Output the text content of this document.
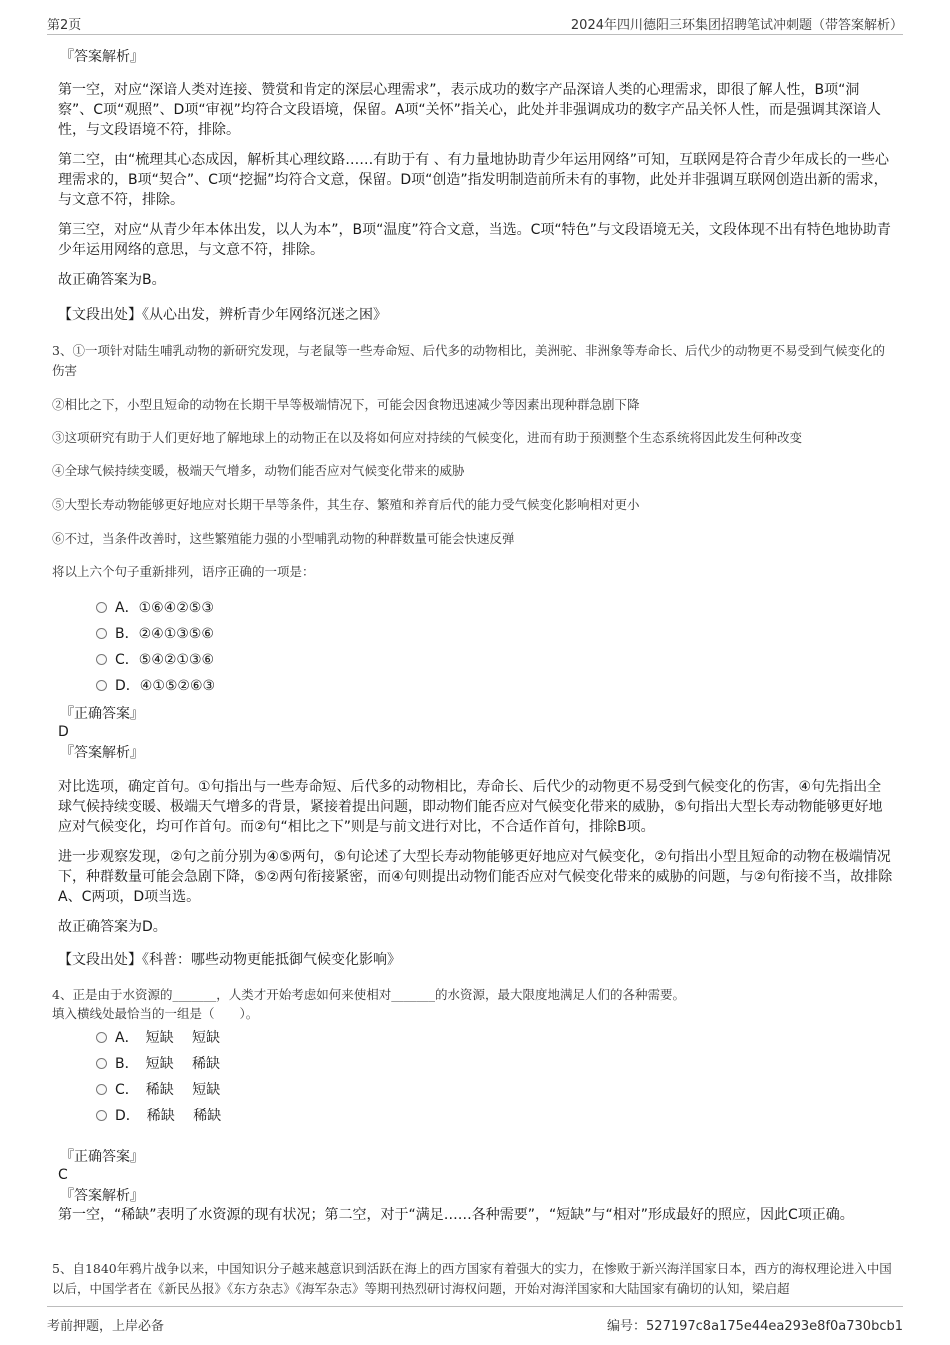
第2页	2024年四川德阳三环集团招聘笔试冲刺题（带答案解析）
『答案解析』
第一空，对应“深谙人类对连接、赞赏和肯定的深层心理需求”，表示成功的数字产品深谙人类的心理需求，即很了解人性，B项“洞察”、C项“观照”、D项“审视”均符合文段语境，保留。A项“关怀”指关心，此处并非强调成功的数字产品关怀人性，而是强调其深谙人性，与文段语境不符，排除。
第二空，由“梳理其心态成因，解析其心理纹路……有助于有 、有力量地协助青少年运用网络”可知，互联网是符合青少年成长的一些心理需求的，B项“契合”、C项“挖掘”均符合文意，保留。D项“创造”指发明制造前所未有的事物，此处并非强调互联网创造出新的需求，与文意不符，排除。
第三空，对应“从青少年本体出发，以人为本”，B项“温度”符合文意，当选。C项“特色”与文段语境无关，文段体现不出有特色地协助青少年运用网络的意思，与文意不符，排除。
故正确答案为B。
【文段出处】《从心出发，辨析青少年网络沉迷之困》
3、①一项针对陆生哺乳动物的新研究发现，与老鼠等一些寿命短、后代多的动物相比，美洲驼、非洲象等寿命长、后代少的动物更不易受到气候变化的伤害
②相比之下，小型且短命的动物在长期干旱等极端情况下，可能会因食物迅速减少等因素出现种群急剧下降
③这项研究有助于人们更好地了解地球上的动物正在以及将如何应对持续的气候变化，进而有助于预测整个生态系统将因此发生何种改变
④全球气候持续变暖，极端天气增多，动物们能否应对气候变化带来的威胁
⑤大型长寿动物能够更好地应对长期干旱等条件，其生存、繁殖和养育后代的能力受气候变化影响相对更小
⑥不过，当条件改善时，这些繁殖能力强的小型哺乳动物的种群数量可能会快速反弹
将以上六个句子重新排列，语序正确的一项是：
A．①⑥④②⑤③
B．②④①③⑤⑥
C．⑤④②①③⑥
D．④①⑤②⑥③
『正确答案』
D
『答案解析』
对比选项，确定首句。①句指出与一些寿命短、后代多的动物相比，寿命长、后代少的动物更不易受到气候变化的伤害，④句先指出全球气候持续变暖、极端天气增多的背景，紧接着提出问题，即动物们能否应对气候变化带来的威胁，⑤句指出大型长寿动物能够更好地应对气候变化，均可作首句。而②句“相比之下”则是与前文进行对比，不合适作首句，排除B项。
进一步观察发现，②句之前分别为④⑤两句，⑤句论述了大型长寿动物能够更好地应对气候变化，②句指出小型且短命的动物在极端情况下，种群数量可能会急剧下降，⑤②两句衔接紧密，而④句则提出动物们能否应对气候变化带来的威胁的问题，与②句衔接不当，故排除A、C两项，D项当选。
故正确答案为D。
【文段出处】《科普：哪些动物更能抵御气候变化影响》
4、正是由于水资源的_______，人类才开始考虑如何来使相对_______的水资源，最大限度地满足人们的各种需要。
填入横线处最恰当的一组是（　　）。
A．　短缺　 短缺
B．　短缺　 稀缺
C．　稀缺　 短缺
D．　稀缺　 稀缺
『正确答案』
C
『答案解析』
第一空，“稀缺”表明了水资源的现有状况；第二空，对于“满足……各种需要”，“短缺”与“相对”形成最好的照应，因此C项正确。
5、自1840年鸦片战争以来，中国知识分子越来越意识到活跃在海上的西方国家有着强大的实力，在惨败于新兴海洋国家日本，西方的海权理论进入中国以后，中国学者在《新民丛报》《东方杂志》《海军杂志》等期刊热烈研讨海权问题，开始对海洋国家和大陆国家有确切的认知，梁启超
考前押题，上岸必备	编号：527197c8a175e44ea293e8f0a730bcb1
